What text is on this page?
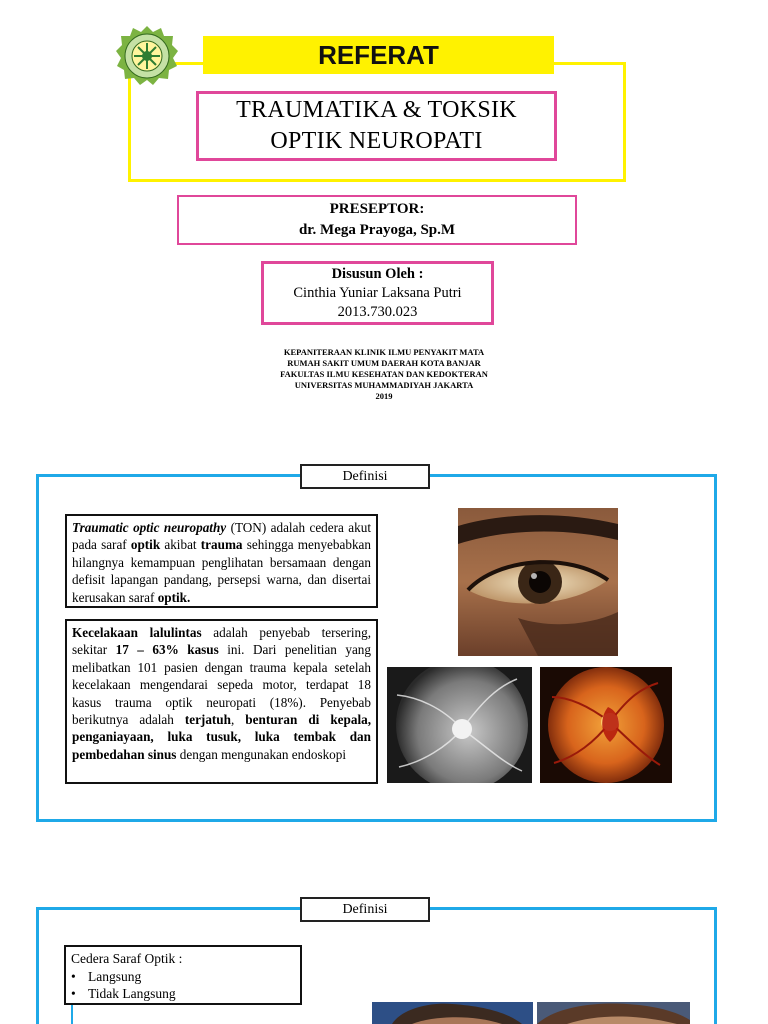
REFERAT
TRAUMATIKA & TOKSIK
OPTIK NEUROPATI
PRESEPTOR:
dr. Mega Prayoga, Sp.M
Disusun Oleh :
Cinthia Yuniar Laksana Putri
2013.730.023
KEPANITERAAN KLINIK ILMU PENYAKIT MATA
RUMAH SAKIT UMUM DAERAH KOTA BANJAR
FAKULTAS ILMU KESEHATAN DAN KEDOKTERAN
UNIVERSITAS MUHAMMADIYAH JAKARTA
2019
Definisi
Traumatic optic neuropathy (TON) adalah cedera akut pada saraf optik akibat trauma sehingga menyebabkan hilangnya kemampuan penglihatan bersamaan dengan defisit lapangan pandang, persepsi warna, dan disertai kerusakan saraf optik.
Kecelakaan lalulintas adalah penyebab tersering, sekitar 17 – 63% kasus ini. Dari penelitian yang melibatkan 101 pasien dengan trauma kepala setelah kecelakaan mengendarai sepeda motor, terdapat 18 kasus trauma optik neuropati (18%). Penyebab berikutnya adalah terjatuh, benturan di kepala, penganiayaan, luka tusuk, luka tembak dan pembedahan sinus dengan mengunakan endoskopi
Definisi
Cedera Saraf Optik :
• Langsung
• Tidak Langsung
